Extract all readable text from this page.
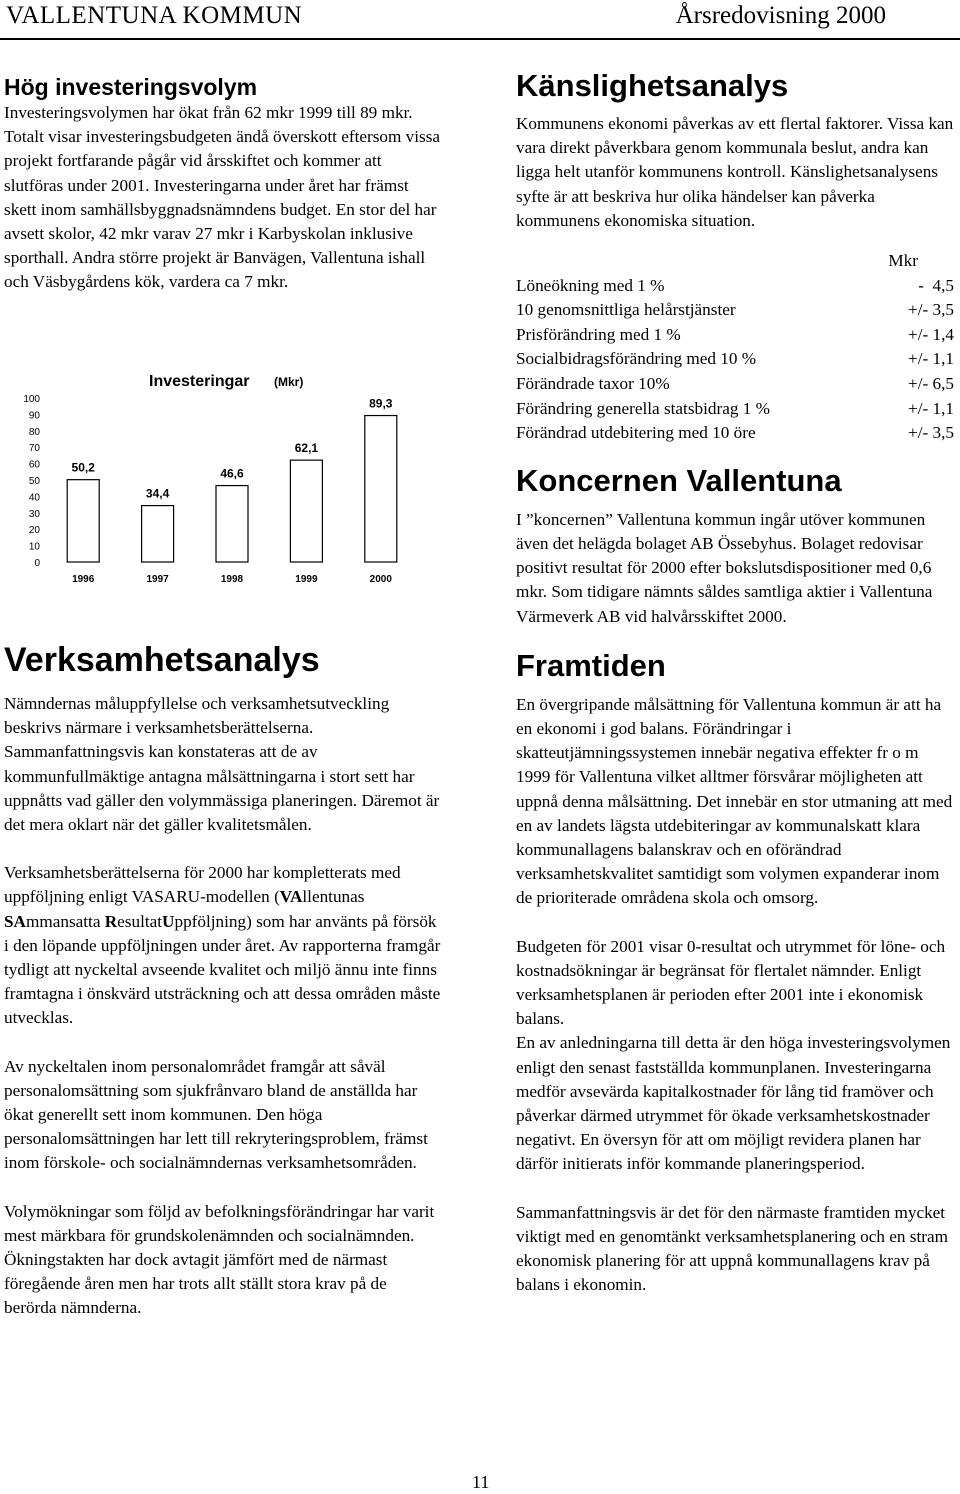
VALLENTUNA KOMMUN	Årsredovisning 2000
Hög investeringsvolym

Investeringsvolymen har ökat från 62 mkr 1999 till 89 mkr. Totalt visar investeringsbudgeten ändå överskott eftersom vissa projekt fortfarande pågår vid årsskiftet och kommer att slutföras under 2001. Investeringarna under året har främst skett inom samhällsbyggnadsnämndens budget. En stor del har avsett skolor, 42 mkr varav 27 mkr i Karbyskolan inklusive sporthall. Andra större projekt är Banvägen, Vallentuna ishall och Väsbygårdens kök, vardera ca 7 mkr.

Investeringar (Mkr)
0
10
20
30
40
50
60
70
80
90
100
50,2
34,4
46,6
62,1
89,3
1996	1997	1998	1999	2000
Verksamhetsanalys

Nämndernas måluppfyllelse och verksamhetsutveckling beskrivs närmare i verksamhetsberättelserna. Sammanfattningsvis kan konstateras att de av kommunfullmäktige antagna målsättningarna i stort sett har uppnåtts vad gäller den volymmässiga planeringen. Däremot är det mera oklart när det gäller kvalitetsmålen.

Verksamhetsberättelserna för 2000 har kompletterats med uppföljning enligt VASARU-modellen (VAllentunas SAmmansatta ResultatUppföljning) som har använts på försök i den löpande uppföljningen under året. Av rapporterna framgår tydligt att nyckeltal avseende kvalitet och miljö ännu inte finns framtagna i önskvärd utsträckning och att dessa områden måste utvecklas.

Av nyckeltalen inom personalområdet framgår att såväl personalomsättning som sjukfrånvaro bland de anställda har ökat generellt sett inom kommunen. Den höga personalomsättningen har lett till rekryteringsproblem, främst inom förskole- och socialnämndernas verksamhetsområden.

Volymökningar som följd av befolkningsförändringar har varit mest märkbara för grundskolenämnden och socialnämnden. Ökningstakten har dock avtagit jämfört med de närmast föregående åren men har trots allt ställt stora krav på de berörda nämnderna.

Känslighetsanalys

Kommunens ekonomi påverkas av ett flertal faktorer. Vissa kan vara direkt påverkbara genom kommunala beslut, andra kan ligga helt utanför kommunens kontroll. Känslighetsanalysens syfte är att beskriva hur olika händelser kan påverka kommunens ekonomiska situation.

Mkr
Löneökning med 1 %	-  4,5
10 genomsnittliga helårstjänster	+/- 3,5
Prisförändring med 1 %	+/- 1,4
Socialbidragsförändring med 10 %	+/- 1,1
Förändrade taxor 10%	+/- 6,5
Förändring generella statsbidrag 1 %	+/- 1,1
Förändrad utdebitering med 10 öre	+/- 3,5
Koncernen Vallentuna

I ”koncernen” Vallentuna kommun ingår utöver kommunen även det helägda bolaget AB Össebyhus. Bolaget redovisar positivt resultat för 2000 efter bokslutsdispositioner med 0,6 mkr. Som tidigare nämnts såldes samtliga aktier i Vallentuna Värmeverk AB vid halvårsskiftet 2000.

Framtiden

En övergripande målsättning för Vallentuna kommun är att ha en ekonomi i god balans. Förändringar i skatteutjämningssystemen innebär negativa effekter fr o m 1999 för Vallentuna vilket alltmer försvårar möjligheten att uppnå denna målsättning. Det innebär en stor utmaning att med en av landets lägsta utdebiteringar av kommunalskatt klara kommunallagens balanskrav och en oförändrad verksamhetskvalitet samtidigt som volymen expanderar inom de prioriterade områdena skola och omsorg.

Budgeten för 2001 visar 0-resultat och utrymmet för löne- och kostnadsökningar är begränsat för flertalet nämnder. Enligt verksamhetsplanen är perioden efter 2001 inte i ekonomisk balans.

En av anledningarna till detta är den höga investeringsvolymen enligt den senast fastställda kommunplanen. Investeringarna medför avsevärda kapitalkostnader för lång tid framöver och påverkar därmed utrymmet för ökade verksamhetskostnader negativt. En översyn för att om möjligt revidera planen har därför initierats inför kommande planeringsperiod.

Sammanfattningsvis är det för den närmaste framtiden mycket viktigt med en genomtänkt verksamhetsplanering och en stram ekonomisk planering för att uppnå kommunallagens krav på balans i ekonomin.

11
